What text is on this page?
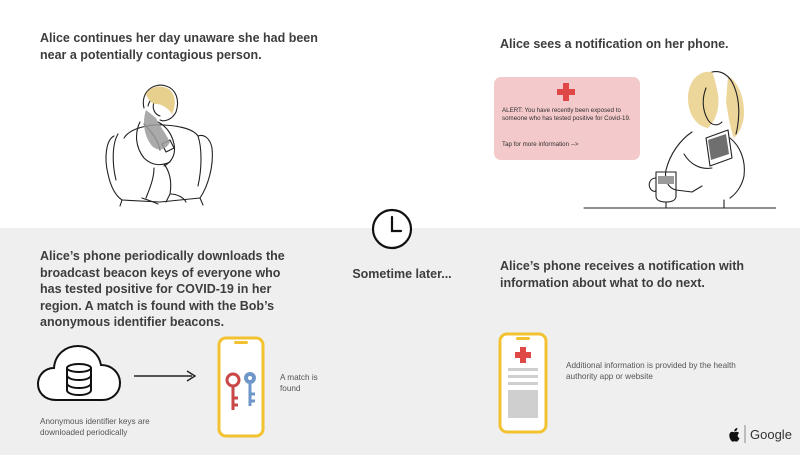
Alice continues her day unaware she had been near a potentially contagious person.
Alice sees a notification on her phone.
ALERT: You have recently been exposed to someone who has tested positive for Covid-19.
Tap for more information -->
Sometime later...
Alice’s phone periodically downloads the broadcast beacon keys of everyone who has tested positive for COVID-19 in her region. A match is found with the Bob’s anonymous identifier beacons.
Anonymous identifier keys are downloaded periodically
A match is found
Alice’s phone receives a notification with information about what to do next.
Additional information is provided by the health authority app or website
Google
